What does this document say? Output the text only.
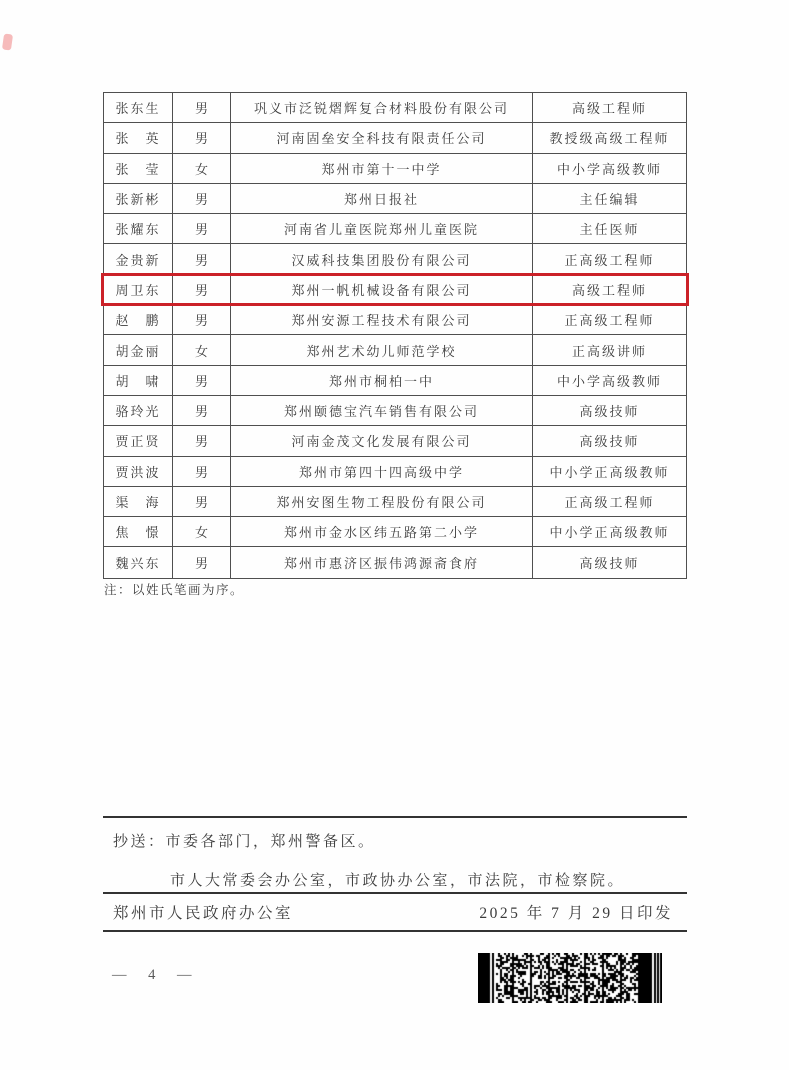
张东生	男	巩义市泛锐熠辉复合材料股份有限公司	高级工程师
张　英	男	河南固垒安全科技有限责任公司	教授级高级工程师
张　莹	女	郑州市第十一中学	中小学高级教师
张新彬	男	郑州日报社	主任编辑
张耀东	男	河南省儿童医院郑州儿童医院	主任医师
金贵新	男	汉威科技集团股份有限公司	正高级工程师
周卫东	男	郑州一帆机械设备有限公司	高级工程师
赵　鹏	男	郑州安源工程技术有限公司	正高级工程师
胡金丽	女	郑州艺术幼儿师范学校	正高级讲师
胡　啸	男	郑州市桐柏一中	中小学高级教师
骆玲光	男	郑州颐德宝汽车销售有限公司	高级技师
贾正贤	男	河南金茂文化发展有限公司	高级技师
贾洪波	男	郑州市第四十四高级中学	中小学正高级教师
渠　海	男	郑州安图生物工程股份有限公司	正高级工程师
焦　憬	女	郑州市金水区纬五路第二小学	中小学正高级教师
魏兴东	男	郑州市惠济区振伟鸿源斋食府	高级技师
注：以姓氏笔画为序。
抄送：市委各部门，郑州警备区。
市人大常委会办公室，市政协办公室，市法院，市检察院。
郑州市人民政府办公室	2025 年 7 月 29 日印发
— 4 —
